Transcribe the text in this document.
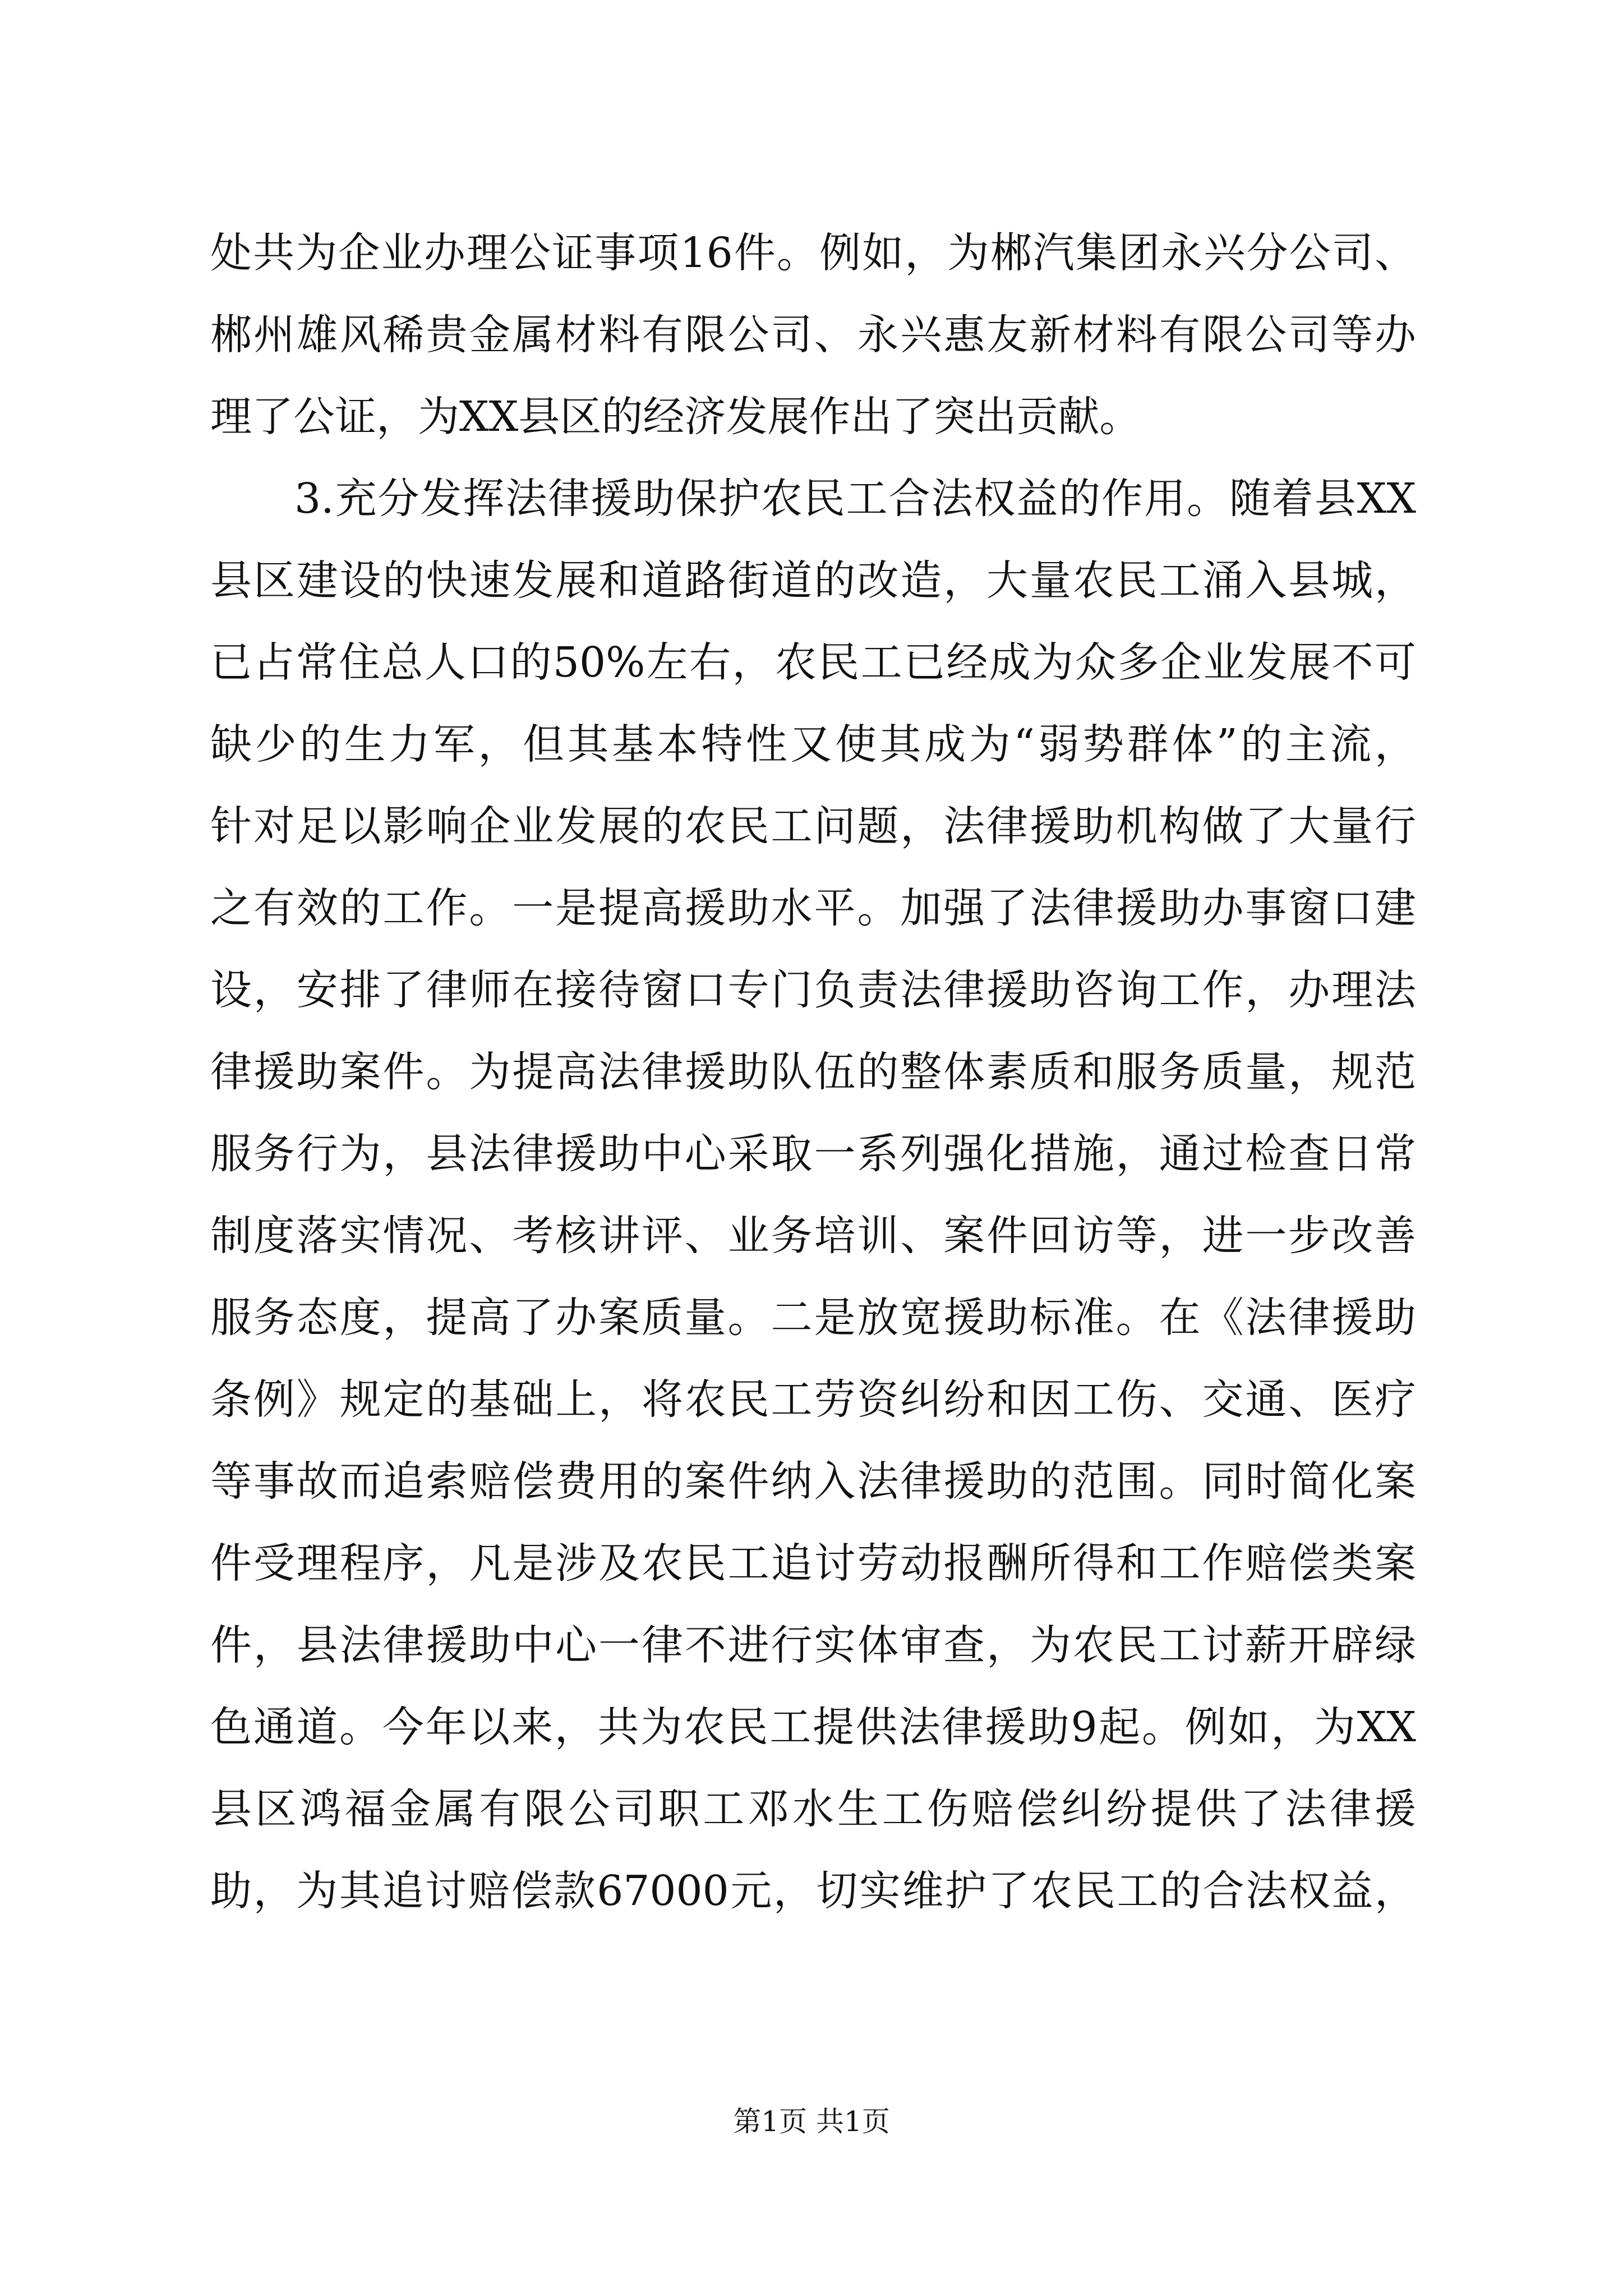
处共为企业办理公证事项16件。例如，为郴汽集团永兴分公司、
郴州雄风稀贵金属材料有限公司、永兴惠友新材料有限公司等办
理了公证，为XX县区的经济发展作出了突出贡献。
3.充分发挥法律援助保护农民工合法权益的作用。随着县XX
县区建设的快速发展和道路街道的改造，大量农民工涌入县城，
已占常住总人口的50%左右，农民工已经成为众多企业发展不可
缺少的生力军，但其基本特性又使其成为“弱势群体”的主流，
针对足以影响企业发展的农民工问题，法律援助机构做了大量行
之有效的工作。一是提高援助水平。加强了法律援助办事窗口建
设，安排了律师在接待窗口专门负责法律援助咨询工作，办理法
律援助案件。为提高法律援助队伍的整体素质和服务质量，规范
服务行为，县法律援助中心采取一系列强化措施，通过检查日常
制度落实情况、考核讲评、业务培训、案件回访等，进一步改善
服务态度，提高了办案质量。二是放宽援助标准。在《法律援助
条例》规定的基础上，将农民工劳资纠纷和因工伤、交通、医疗
等事故而追索赔偿费用的案件纳入法律援助的范围。同时简化案
件受理程序，凡是涉及农民工追讨劳动报酬所得和工作赔偿类案
件，县法律援助中心一律不进行实体审查，为农民工讨薪开辟绿
色通道。今年以来，共为农民工提供法律援助9起。例如，为XX
县区鸿福金属有限公司职工邓水生工伤赔偿纠纷提供了法律援
助，为其追讨赔偿款67000元，切实维护了农民工的合法权益，
第1页 共1页
